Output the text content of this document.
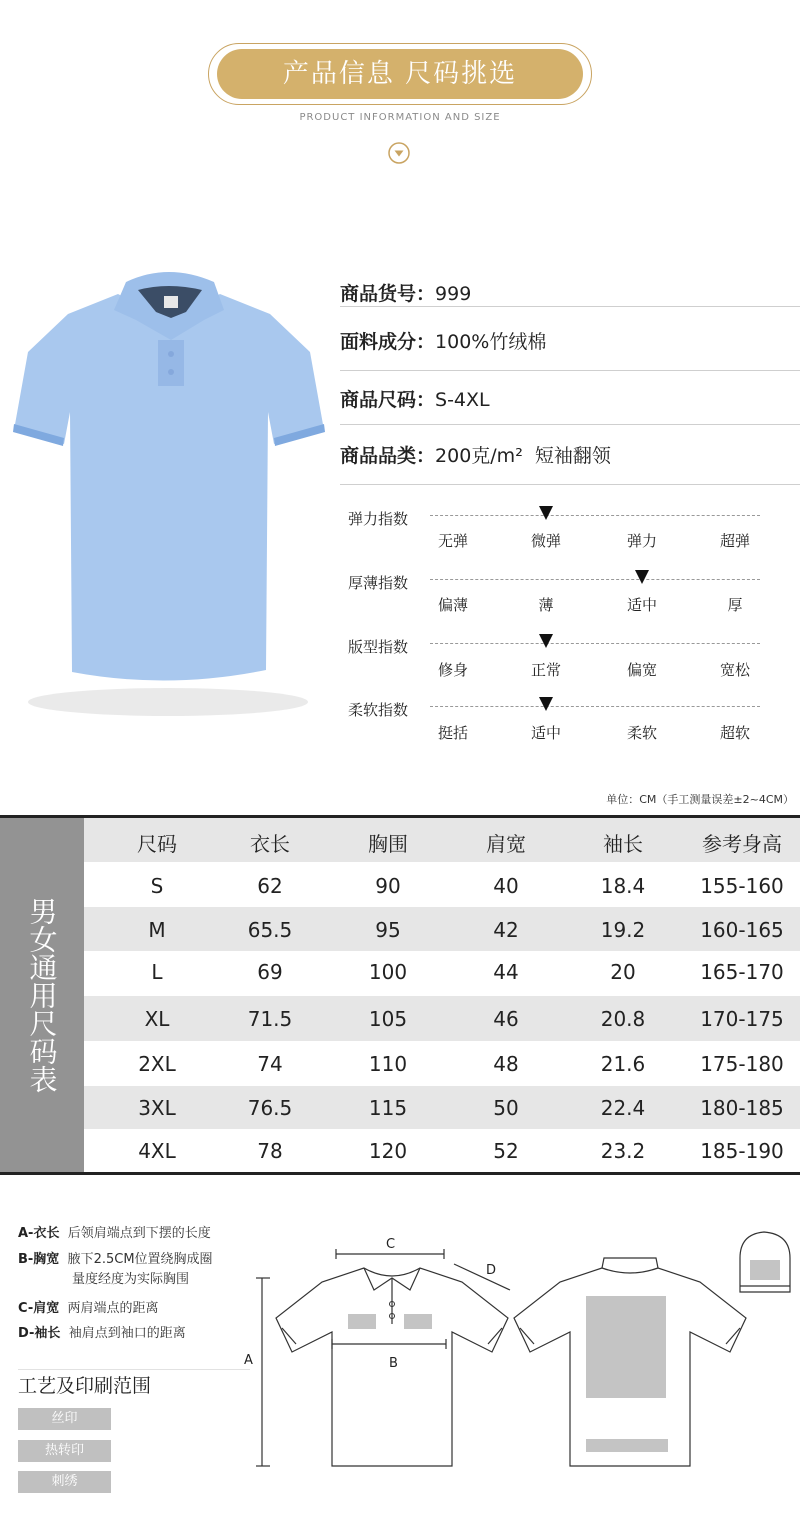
产品信息 尺码挑选
PRODUCT INFORMATION AND SIZE
商品货号：999
面料成分：100%竹绒棉
商品尺码：S-4XL
商品品类：200克/m²  短袖翻领
弹力指数
无弹	微弹	弹力	超弹
厚薄指数
偏薄	薄	适中	厚
版型指数
修身	正常	偏宽	宽松
柔软指数
挺括	适中	柔软	超软
单位：CM（手工测量误差±2~4CM）
男女通用尺码表
尺码	衣长	胸围	肩宽	袖长	参考身高
S	62	90	40	18.4	155-160
M	65.5	95	42	19.2	160-165
L	69	100	44	20	165-170
XL	71.5	105	46	20.8	170-175
2XL	74	110	48	21.6	175-180
3XL	76.5	115	50	22.4	180-185
4XL	78	120	52	23.2	185-190
A-衣长 后领肩端点到下摆的长度
B-胸宽 腋下2.5CM位置绕胸成圈
量度经度为实际胸围
C-肩宽 两肩端点的距离
D-袖长 袖肩点到袖口的距离
工艺及印刷范围
丝印
热转印
刺绣
A	B
C
D
